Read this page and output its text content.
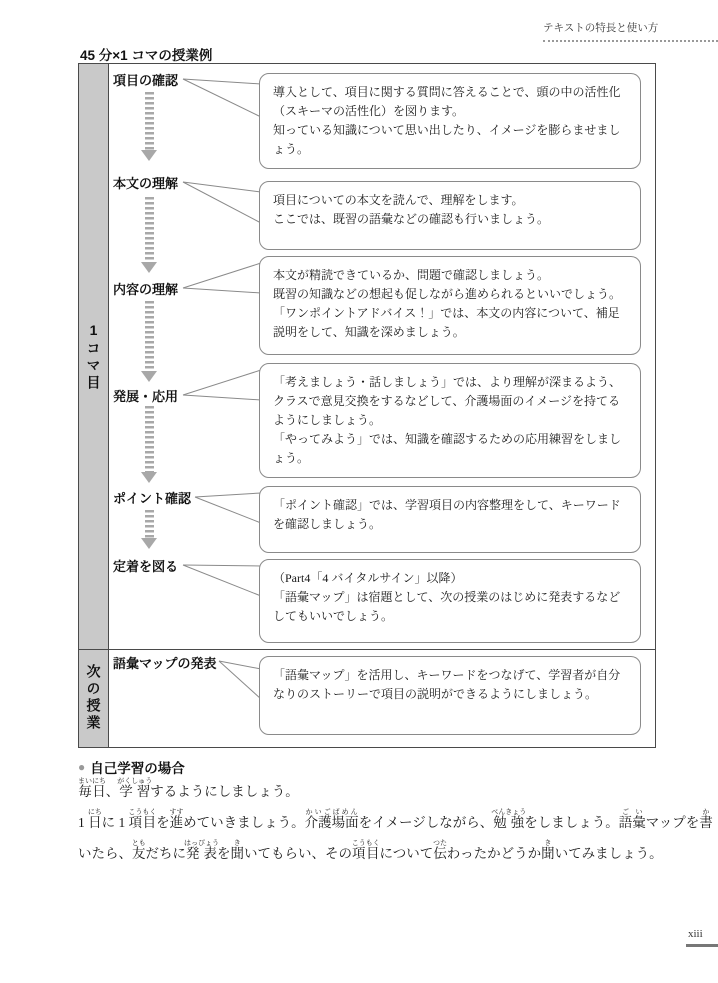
テキストの特長と使い方
45 分×1 コマの授業例
1コマ目
次の授業
項目の確認
本文の理解
内容の理解
発展・応用
ポイント確認
定着を図る
語彙マップの発表

導入として、項目に関する質問に答えることで、頭の中の活性化（スキーマの活性化）を図ります。

知っている知識について思い出したり、イメージを膨らませましょう。

項目についての本文を読んで、理解をします。

ここでは、既習の語彙などの確認も行いましょう。

本文が精読できているか、問題で確認しましょう。

既習の知識などの想起も促しながら進められるといいでしょう。

「ワンポイントアドバイス！」では、本文の内容について、補足説明をして、知識を深めましょう。

「考えましょう・話しましょう」では、より理解が深まるよう、クラスで意見交換をするなどして、介護場面のイメージを持てるようにしましょう。

「やってみよう」では、知識を確認するための応用練習をしましょう。

「ポイント確認」では、学習項目の内容整理をして、キーワードを確認しましょう。

（Part4「4 バイタルサイン」以降）

「語彙マップ」は宿題として、次の授業のはじめに発表するなどしてもいいでしょう。

「語彙マップ」を活用し、キーワードをつなげて、学習者が自分なりのストーリーで項目の説明ができるようにしましょう。

● 自己学習の場合

毎日まいにち、学習がくしゅうするようにしましょう。

1 日にちに 1 項目こうもくを進すすめていきましょう。介護場面かいごばめんをイメージしながら、勉強べんきょうをしましょう。語彙ごいマップを書かいたら、友ともだちに発表はっぴょうを聞きいてもらい、その項目こうもくについて伝つたわったかどうか聞きいてみましょう。

xiii
